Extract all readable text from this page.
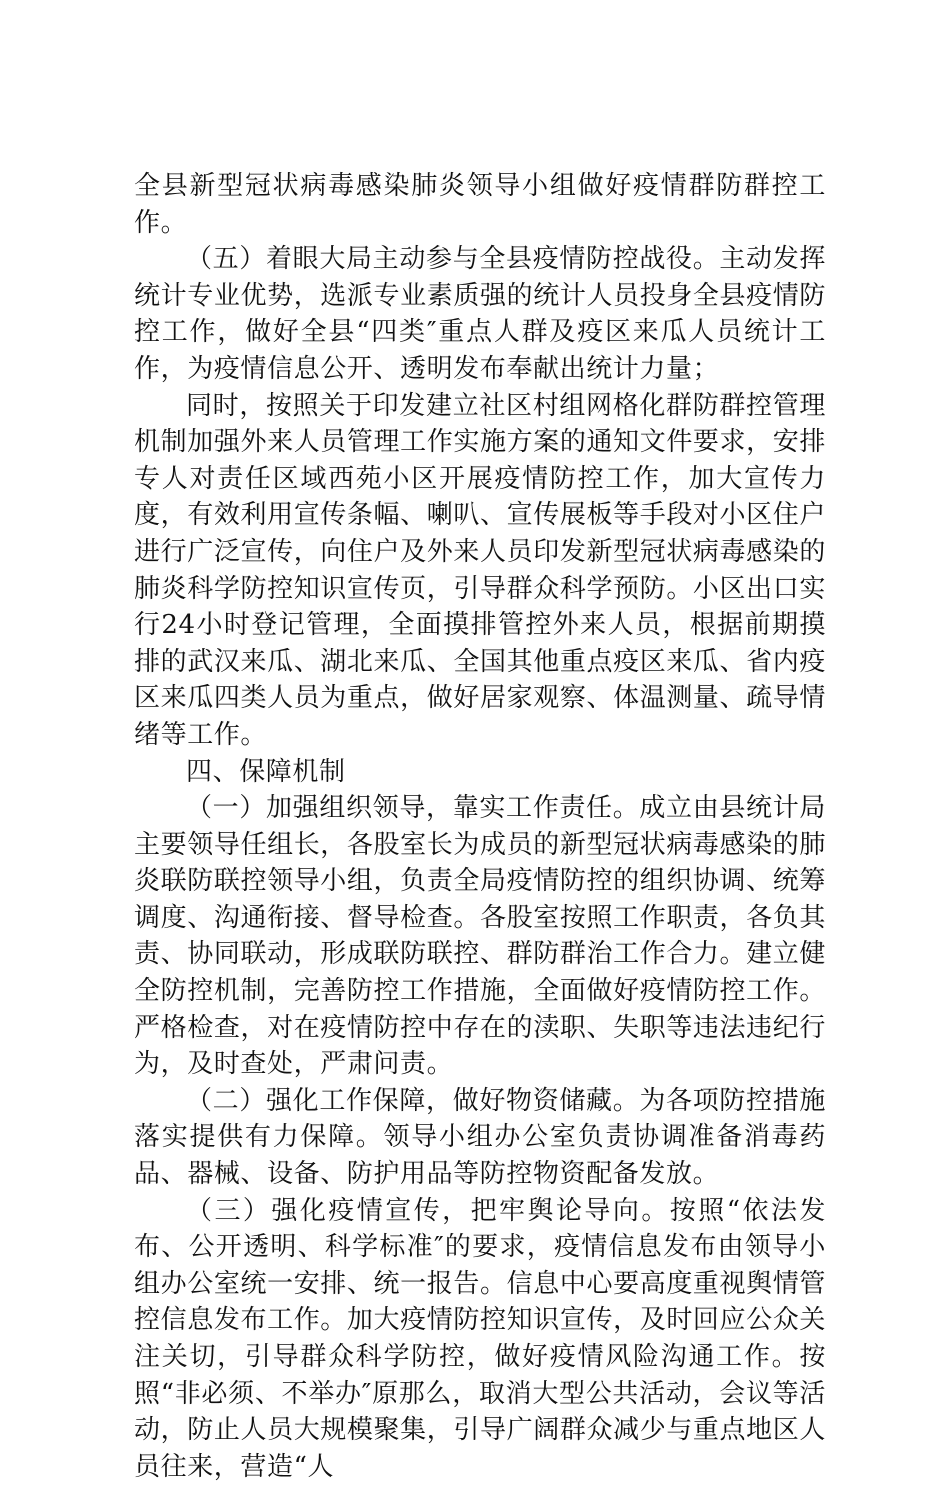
全县新型冠状病毒感染肺炎领导小组做好疫情群防群控工作。

（五）着眼大局主动参与全县疫情防控战役。主动发挥统计专业优势，选派专业素质强的统计人员投身全县疫情防控工作，做好全县“四类″重点人群及疫区来瓜人员统计工作，为疫情信息公开、透明发布奉献出统计力量；

同时，按照关于印发建立社区村组网格化群防群控管理机制加强外来人员管理工作实施方案的通知文件要求，安排专人对责任区域西苑小区开展疫情防控工作，加大宣传力度，有效利用宣传条幅、喇叭、宣传展板等手段对小区住户进行广泛宣传，向住户及外来人员印发新型冠状病毒感染的肺炎科学防控知识宣传页，引导群众科学预防。小区出口实行24小时登记管理，全面摸排管控外来人员，根据前期摸排的武汉来瓜、湖北来瓜、全国其他重点疫区来瓜、省内疫区来瓜四类人员为重点，做好居家观察、体温测量、疏导情绪等工作。

四、保障机制

（一）加强组织领导，靠实工作责任。成立由县统计局主要领导任组长，各股室长为成员的新型冠状病毒感染的肺炎联防联控领导小组，负责全局疫情防控的组织协调、统筹调度、沟通衔接、督导检查。各股室按照工作职责，各负其责、协同联动，形成联防联控、群防群治工作合力。建立健全防控机制，完善防控工作措施，全面做好疫情防控工作。严格检查，对在疫情防控中存在的渎职、失职等违法违纪行为，及时查处，严肃问责。

（二）强化工作保障，做好物资储藏。为各项防控措施落实提供有力保障。领导小组办公室负责协调准备消毒药品、器械、设备、防护用品等防控物资配备发放。

（三）强化疫情宣传，把牢舆论导向。按照“依法发布、公开透明、科学标准″的要求，疫情信息发布由领导小组办公室统一安排、统一报告。信息中心要高度重视舆情管控信息发布工作。加大疫情防控知识宣传，及时回应公众关注关切，引导群众科学防控，做好疫情风险沟通工作。按照“非必须、不举办″原那么，取消大型公共活动，会议等活动，防止人员大规模聚集，引导广阔群众减少与重点地区人员往来，营造“人
